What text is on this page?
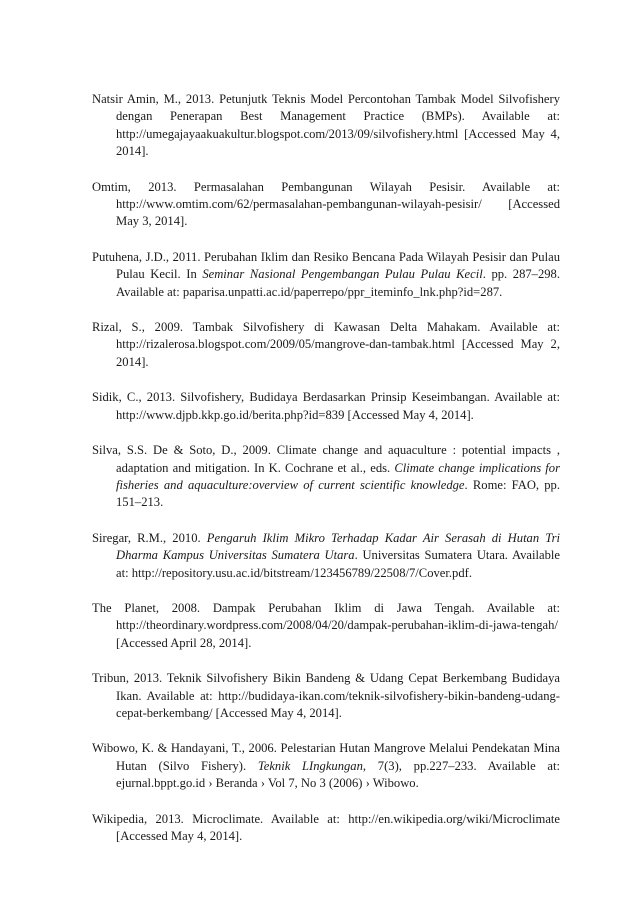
Natsir Amin, M., 2013. Petunjutk Teknis Model Percontohan Tambak Model Silvofishery dengan Penerapan Best Management Practice (BMPs). Available at: http://umegajayaakuakultur.blogspot.com/2013/09/silvofishery.html [Accessed May 4, 2014].
Omtim, 2013. Permasalahan Pembangunan Wilayah Pesisir. Available at: http://www.omtim.com/62/permasalahan-pembangunan-wilayah-pesisir/ [Accessed May 3, 2014].
Putuhena, J.D., 2011. Perubahan Iklim dan Resiko Bencana Pada Wilayah Pesisir dan Pulau Pulau Kecil. In Seminar Nasional Pengembangan Pulau Pulau Kecil. pp. 287–298. Available at: paparisa.unpatti.ac.id/paperrepo/ppr_iteminfo_lnk.php?id=287.
Rizal, S., 2009. Tambak Silvofishery di Kawasan Delta Mahakam. Available at: http://rizalerosa.blogspot.com/2009/05/mangrove-dan-tambak.html [Accessed May 2, 2014].
Sidik, C., 2013. Silvofishery, Budidaya Berdasarkan Prinsip Keseimbangan. Available at: http://www.djpb.kkp.go.id/berita.php?id=839 [Accessed May 4, 2014].
Silva, S.S. De & Soto, D., 2009. Climate change and aquaculture : potential impacts , adaptation and mitigation. In K. Cochrane et al., eds. Climate change implications for fisheries and aquaculture:overview of current scientific knowledge. Rome: FAO, pp. 151–213.
Siregar, R.M., 2010. Pengaruh Iklim Mikro Terhadap Kadar Air Serasah di Hutan Tri Dharma Kampus Universitas Sumatera Utara. Universitas Sumatera Utara. Available at: http://repository.usu.ac.id/bitstream/123456789/22508/7/Cover.pdf.
The Planet, 2008. Dampak Perubahan Iklim di Jawa Tengah. Available at: http://theordinary.wordpress.com/2008/04/20/dampak-perubahan-iklim-di-jawa-tengah/ [Accessed April 28, 2014].
Tribun, 2013. Teknik Silvofishery Bikin Bandeng & Udang Cepat Berkembang Budidaya Ikan. Available at: http://budidaya-ikan.com/teknik-silvofishery-bikin-bandeng-udang-cepat-berkembang/ [Accessed May 4, 2014].
Wibowo, K. & Handayani, T., 2006. Pelestarian Hutan Mangrove Melalui Pendekatan Mina Hutan (Silvo Fishery). Teknik LIngkungan, 7(3), pp.227–233. Available at: ejurnal.bppt.go.id › Beranda › Vol 7, No 3 (2006) › Wibowo.
Wikipedia, 2013. Microclimate. Available at: http://en.wikipedia.org/wiki/Microclimate [Accessed May 4, 2014].
